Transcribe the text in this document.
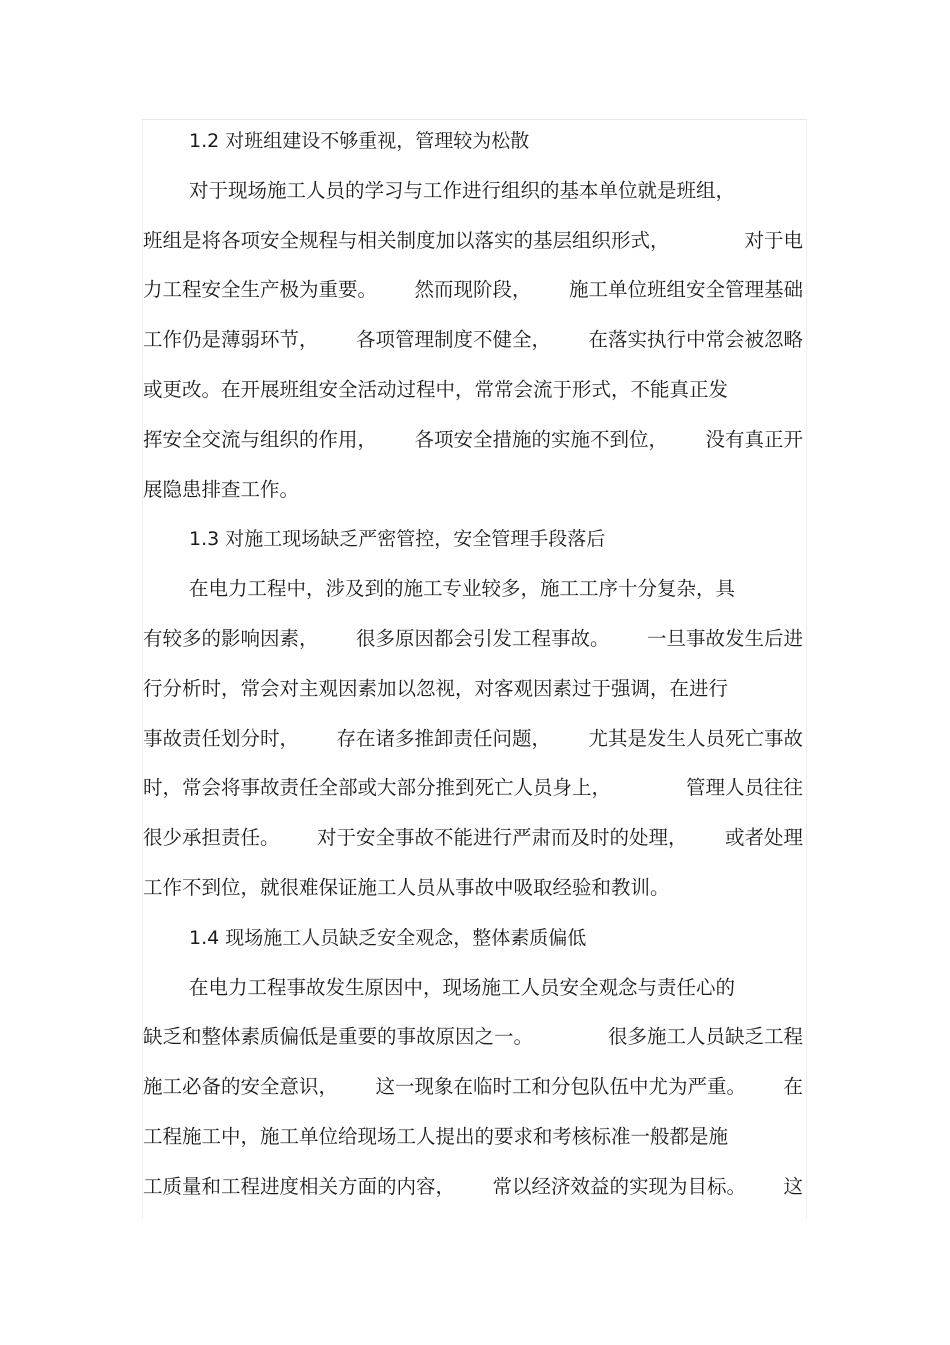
1.2 对班组建设不够重视，管理较为松散
对于现场施工人员的学习与工作进行组织的基本单位就是班组，
班组是将各项安全规程与相关制度加以落实的基层组织形式，	对于电
力工程安全生产极为重要。 然而现阶段， 施工单位班组安全管理基础
工作仍是薄弱环节， 各项管理制度不健全， 在落实执行中常会被忽略
或更改。在开展班组安全活动过程中，常常会流于形式，不能真正发
挥安全交流与组织的作用， 各项安全措施的实施不到位， 没有真正开
展隐患排查工作。
1.3 对施工现场缺乏严密管控，安全管理手段落后
在电力工程中，涉及到的施工专业较多，施工工序十分复杂，具
有较多的影响因素， 很多原因都会引发工程事故。 一旦事故发生后进
行分析时，常会对主观因素加以忽视，对客观因素过于强调，在进行
事故责任划分时， 存在诸多推卸责任问题， 尤其是发生人员死亡事故
时，常会将事故责任全部或大部分推到死亡人员身上，	管理人员往往
很少承担责任。 对于安全事故不能进行严肃而及时的处理， 或者处理
工作不到位，就很难保证施工人员从事故中吸取经验和教训。
1.4 现场施工人员缺乏安全观念，整体素质偏低
在电力工程事故发生原因中，现场施工人员安全观念与责任心的
缺乏和整体素质偏低是重要的事故原因之一。	很多施工人员缺乏工程
施工必备的安全意识， 这一现象在临时工和分包队伍中尤为严重。 在
工程施工中，施工单位给现场工人提出的要求和考核标准一般都是施
工质量和工程进度相关方面的内容， 常以经济效益的实现为目标。 这
